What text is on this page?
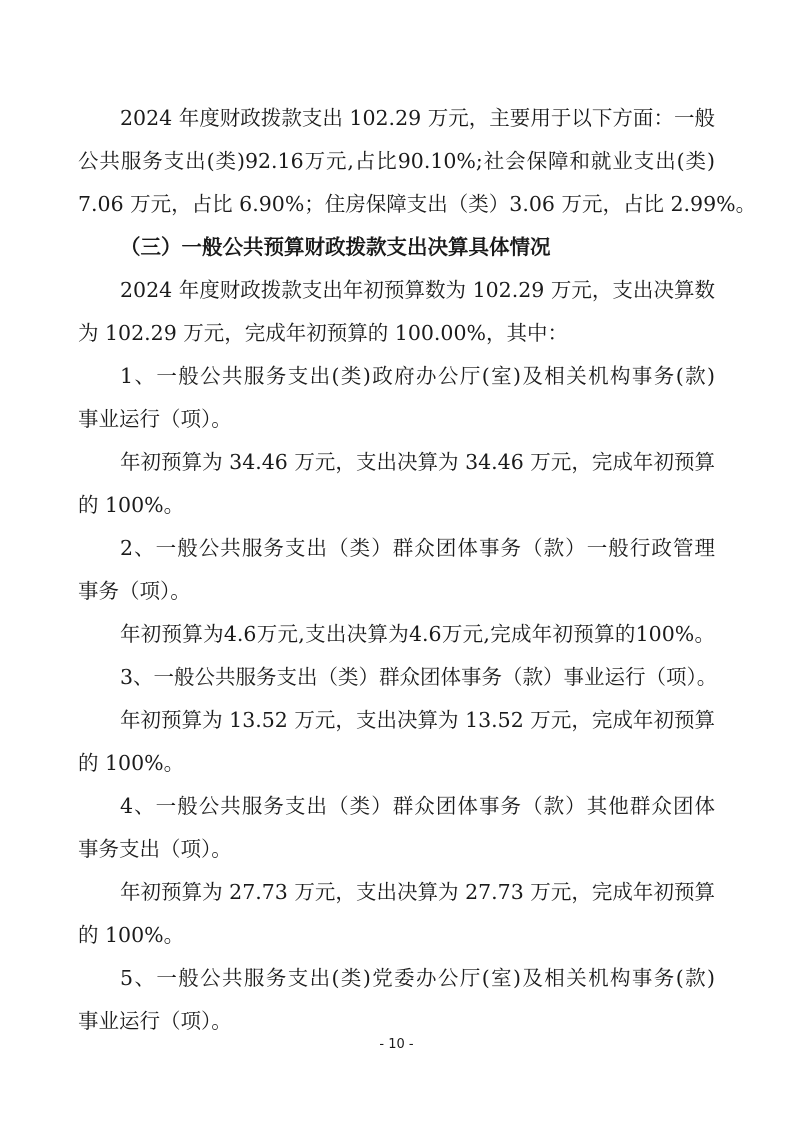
2024 年度财政拨款支出 102.29 万元，主要用于以下方面：一般
公共服务支出(类)92.16万元,占比90.10%;社会保障和就业支出(类)
7.06 万元，占比 6.90%；住房保障支出（类）3.06 万元，占比 2.99%。
（三）一般公共预算财政拨款支出决算具体情况
2024 年度财政拨款支出年初预算数为 102.29 万元，支出决算数
为 102.29 万元，完成年初预算的 100.00%，其中：
1、一般公共服务支出(类)政府办公厅(室)及相关机构事务(款)
事业运行（项）。
年初预算为 34.46 万元，支出决算为 34.46 万元，完成年初预算
的 100%。
2、一般公共服务支出（类）群众团体事务（款）一般行政管理
事务（项）。
年初预算为4.6万元,支出决算为4.6万元,完成年初预算的100%。
3、一般公共服务支出（类）群众团体事务（款）事业运行（项）。
年初预算为 13.52 万元，支出决算为 13.52 万元，完成年初预算
的 100%。
4、一般公共服务支出（类）群众团体事务（款）其他群众团体
事务支出（项）。
年初预算为 27.73 万元，支出决算为 27.73 万元，完成年初预算
的 100%。
5、一般公共服务支出(类)党委办公厅(室)及相关机构事务(款)
事业运行（项）。
- 10 -
